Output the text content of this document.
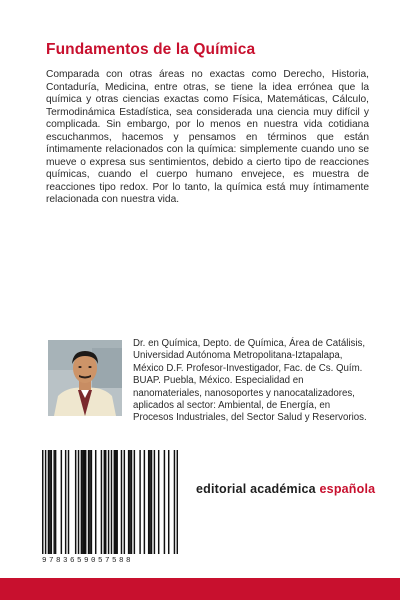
Fundamentos de la Química

Comparada con otras áreas no exactas como Derecho, Historia, Contaduría, Medicina, entre otras, se tiene la idea errónea que la química y otras ciencias exactas como Física, Matemáticas, Cálculo, Termodinámica Estadística, sea considerada una ciencia muy difícil y complicada. Sin embargo, por lo menos en nuestra vida cotidiana escuchanmos, hacemos y pensamos en términos que están íntimamente relacionados con la química: simplemente cuando uno se mueve o expresa sus sentimientos, debido a cierto tipo de reacciones químicas, cuando el cuerpo humano envejece, es muestra de reacciones tipo redox. Por lo tanto, la química está muy íntimamente relacionada con nuestra vida.

Dr. en Química, Depto. de Química, Área de Catálisis, Universidad Autónoma Metropolitana-Iztapalapa, México D.F. Profesor-Investigador, Fac. de Cs. Quím. BUAP. Puebla, México. Especialidad en nanomateriales, nanosoportes y nanocatalizadores, aplicados al sector: Ambiental, de Energía, en Procesos Industriales, del Sector Salud y Reservorios.
9783659057588
editorial académica española
